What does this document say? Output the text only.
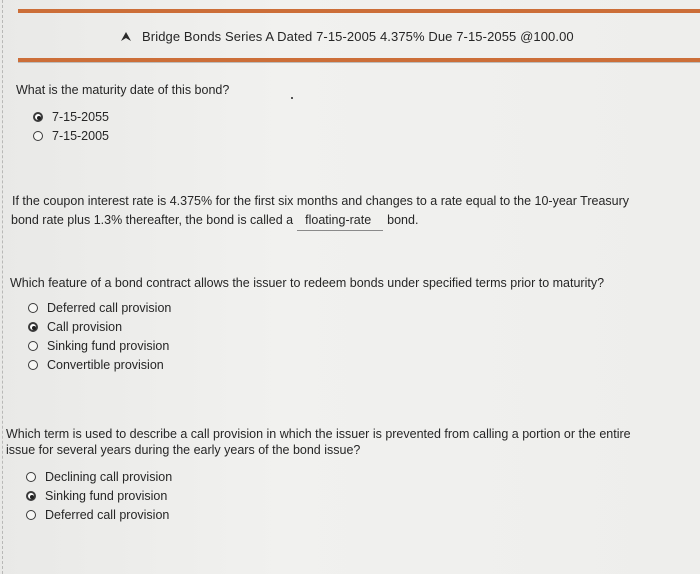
Bridge Bonds Series A Dated 7-15-2005 4.375% Due 7-15-2055 @100.00
What is the maturity date of this bond?
7-15-2055
7-15-2005
If the coupon interest rate is 4.375% for the first six months and changes to a rate equal to the 10-year Treasury
bond rate plus 1.3% thereafter, the bond is called a floating-rate bond.
Which feature of a bond contract allows the issuer to redeem bonds under specified terms prior to maturity?
Deferred call provision
Call provision
Sinking fund provision
Convertible provision
Which term is used to describe a call provision in which the issuer is prevented from calling a portion or the entire
issue for several years during the early years of the bond issue?
Declining call provision
Sinking fund provision
Deferred call provision
